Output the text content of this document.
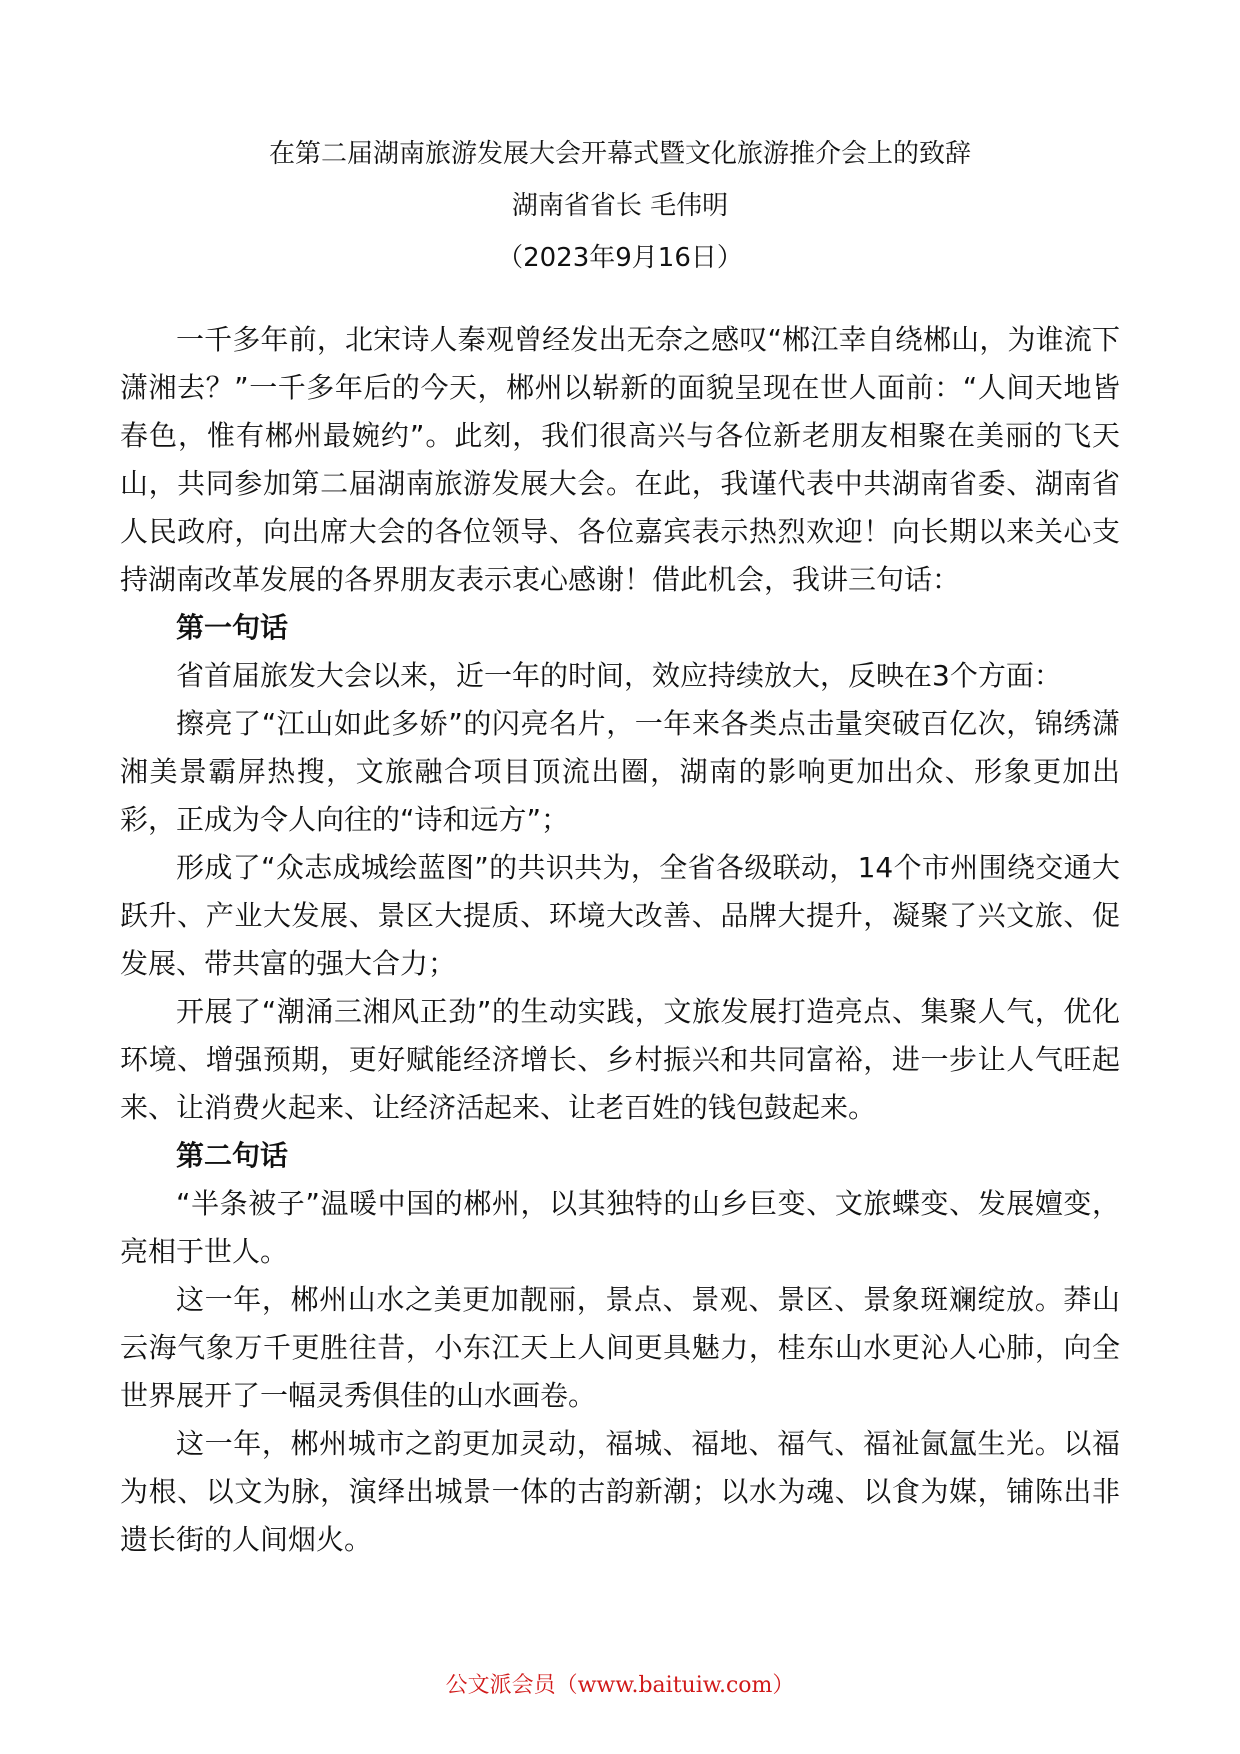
在第二届湖南旅游发展大会开幕式暨文化旅游推介会上的致辞
湖南省省长 毛伟明
（2023年9月16日）

一千多年前，北宋诗人秦观曾经发出无奈之感叹“郴江幸自绕郴山，为谁流下潇湘去？”一千多年后的今天，郴州以崭新的面貌呈现在世人面前：“人间天地皆春色，惟有郴州最婉约”。此刻，我们很高兴与各位新老朋友相聚在美丽的飞天山，共同参加第二届湖南旅游发展大会。在此，我谨代表中共湖南省委、湖南省人民政府，向出席大会的各位领导、各位嘉宾表示热烈欢迎！向长期以来关心支持湖南改革发展的各界朋友表示衷心感谢！借此机会，我讲三句话：

第一句话

省首届旅发大会以来，近一年的时间，效应持续放大，反映在3个方面：

擦亮了“江山如此多娇”的闪亮名片，一年来各类点击量突破百亿次，锦绣潇湘美景霸屏热搜，文旅融合项目顶流出圈，湖南的影响更加出众、形象更加出彩，正成为令人向往的“诗和远方”；

形成了“众志成城绘蓝图”的共识共为，全省各级联动，14个市州围绕交通大跃升、产业大发展、景区大提质、环境大改善、品牌大提升，凝聚了兴文旅、促发展、带共富的强大合力；

开展了“潮涌三湘风正劲”的生动实践，文旅发展打造亮点、集聚人气，优化环境、增强预期，更好赋能经济增长、乡村振兴和共同富裕，进一步让人气旺起来、让消费火起来、让经济活起来、让老百姓的钱包鼓起来。

第二句话

“半条被子”温暖中国的郴州，以其独特的山乡巨变、文旅蝶变、发展嬗变，亮相于世人。

这一年，郴州山水之美更加靓丽，景点、景观、景区、景象斑斓绽放。莽山云海气象万千更胜往昔，小东江天上人间更具魅力，桂东山水更沁人心肺，向全世界展开了一幅灵秀俱佳的山水画卷。

这一年，郴州城市之韵更加灵动，福城、福地、福气、福祉氤氲生光。以福为根、以文为脉，演绎出城景一体的古韵新潮；以水为魂、以食为媒，铺陈出非遗长街的人间烟火。

公文派会员（www.baituiw.com）
